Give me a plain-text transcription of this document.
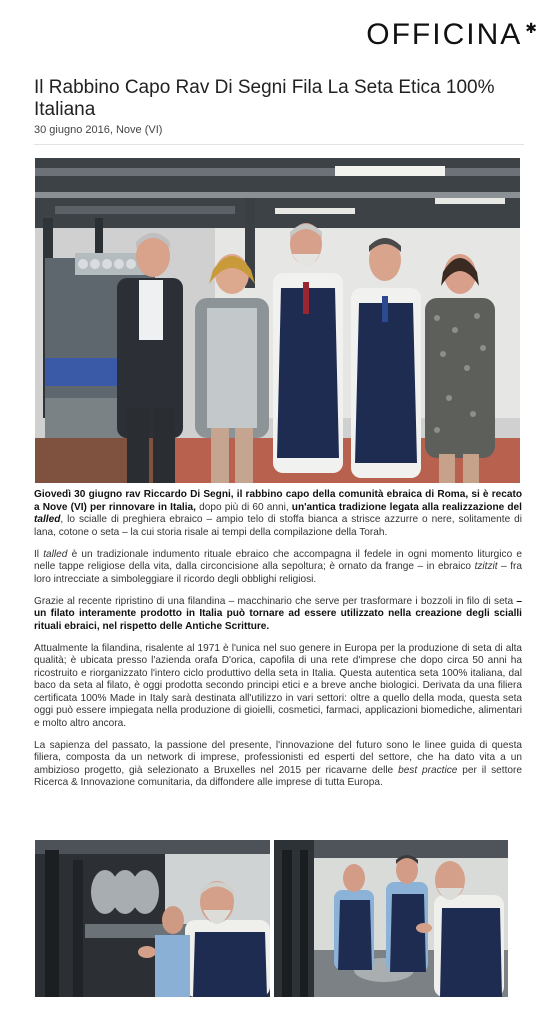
OFFICINA ✱
Il Rabbino Capo Rav Di Segni Fila La Seta Etica 100% Italiana
30 giugno 2016, Nove (VI)

Giovedì 30 giugno rav Riccardo Di Segni, il rabbino capo della comunità ebraica di Roma, si è recato a Nove (VI) per rinnovare in Italia, dopo più di 60 anni, un'antica tradizione legata alla realizzazione del talled, lo scialle di preghiera ebraico – ampio telo di stoffa bianca a strisce azzurre o nere, solitamente di lana, cotone o seta – la cui storia risale ai tempi della compilazione della Torah.

Il talled è un tradizionale indumento rituale ebraico che accompagna il fedele in ogni momento liturgico e nelle tappe religiose della vita, dalla circoncisione alla sepoltura; è ornato da frange – in ebraico tzitzit – fra loro intrecciate a simboleggiare il ricordo degli obblighi religiosi.

Grazie al recente ripristino di una filandina – macchinario che serve per trasformare i bozzoli in filo di seta – un filato interamente prodotto in Italia può tornare ad essere utilizzato nella creazione degli scialli rituali ebraici, nel rispetto delle Antiche Scritture.

Attualmente la filandina, risalente al 1971 è l'unica nel suo genere in Europa per la produzione di seta di alta qualità; è ubicata presso l'azienda orafa D'orica, capofila di una rete d'imprese che dopo circa 50 anni ha ricostruito e riorganizzato l'intero ciclo produttivo della seta in Italia. Questa autentica seta 100% italiana, dal baco da seta al filato, è oggi prodotta secondo principi etici e a breve anche biologici. Derivata da una filiera certificata 100% Made in Italy sarà destinata all'utilizzo in vari settori: oltre a quello della moda, questa seta oggi può essere impiegata nella produzione di gioielli, cosmetici, farmaci, applicazioni biomediche, alimentari e molto altro ancora.

La sapienza del passato, la passione del presente, l'innovazione del futuro sono le linee guida di questa filiera, composta da un network di imprese, professionisti ed esperti del settore, che ha dato vita a un ambizioso progetto, già selezionato a Bruxelles nel 2015 per ricavarne delle best practice per il settore Ricerca & Innovazione comunitaria, da diffondere alle imprese di tutta Europa.
